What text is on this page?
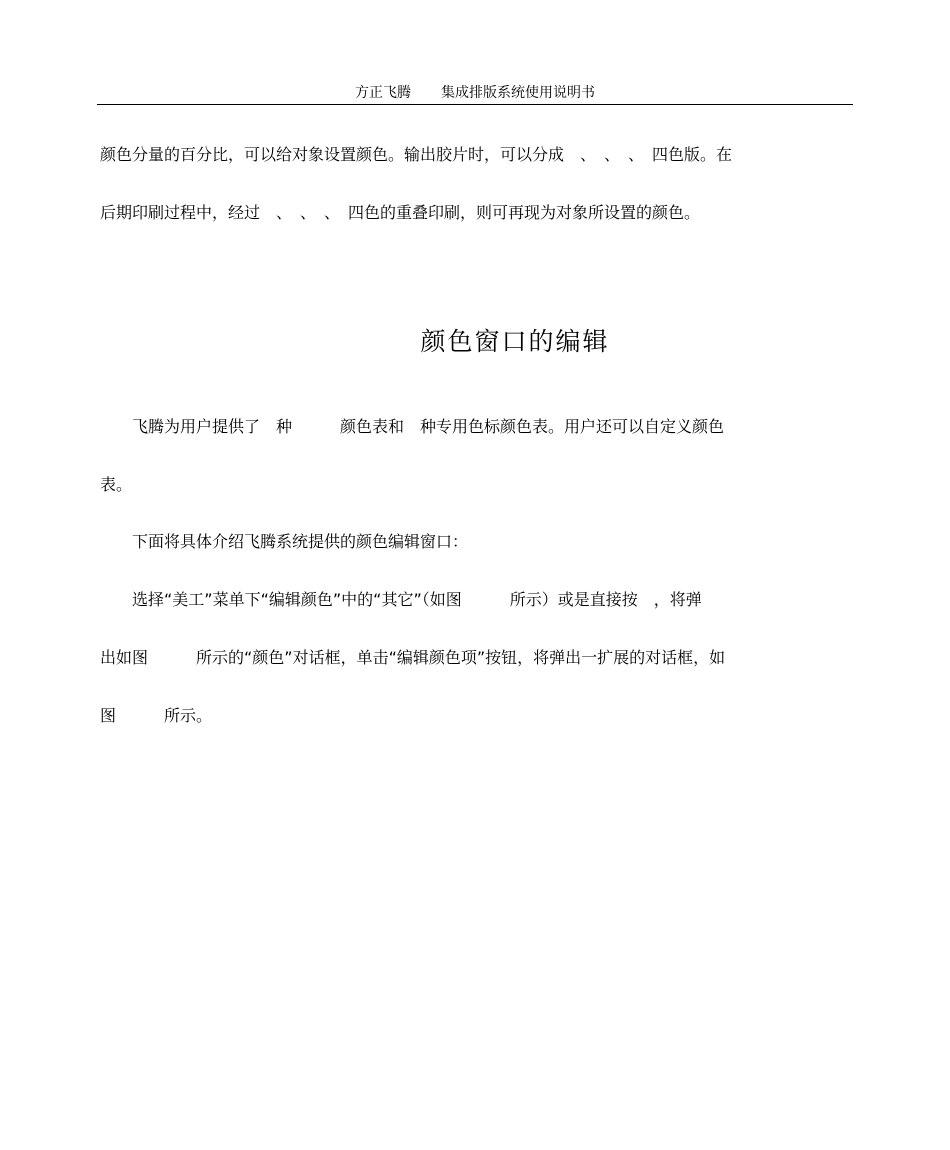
方正飞腾 集成排版系统使用说明书
颜色分量的百分比，可以给对象设置颜色。输出胶片时，可以分成　、　、　、　四色版。在
后期印刷过程中，经过　、　、　、　四色的重叠印刷，则可再现为对象所设置的颜色。
颜色窗口的编辑
　　飞腾为用户提供了　种　　　颜色表和　种专用色标颜色表。用户还可以自定义颜色
表。
　　下面将具体介绍飞腾系统提供的颜色编辑窗口：
　　选择“美工”菜单下“编辑颜色”中的“其它”（如图　　　所示）或是直接按　，将弹
出如图　　　所示的“颜色”对话框，单击“编辑颜色项”按钮，将弹出一扩展的对话框，如
图　　　所示。
